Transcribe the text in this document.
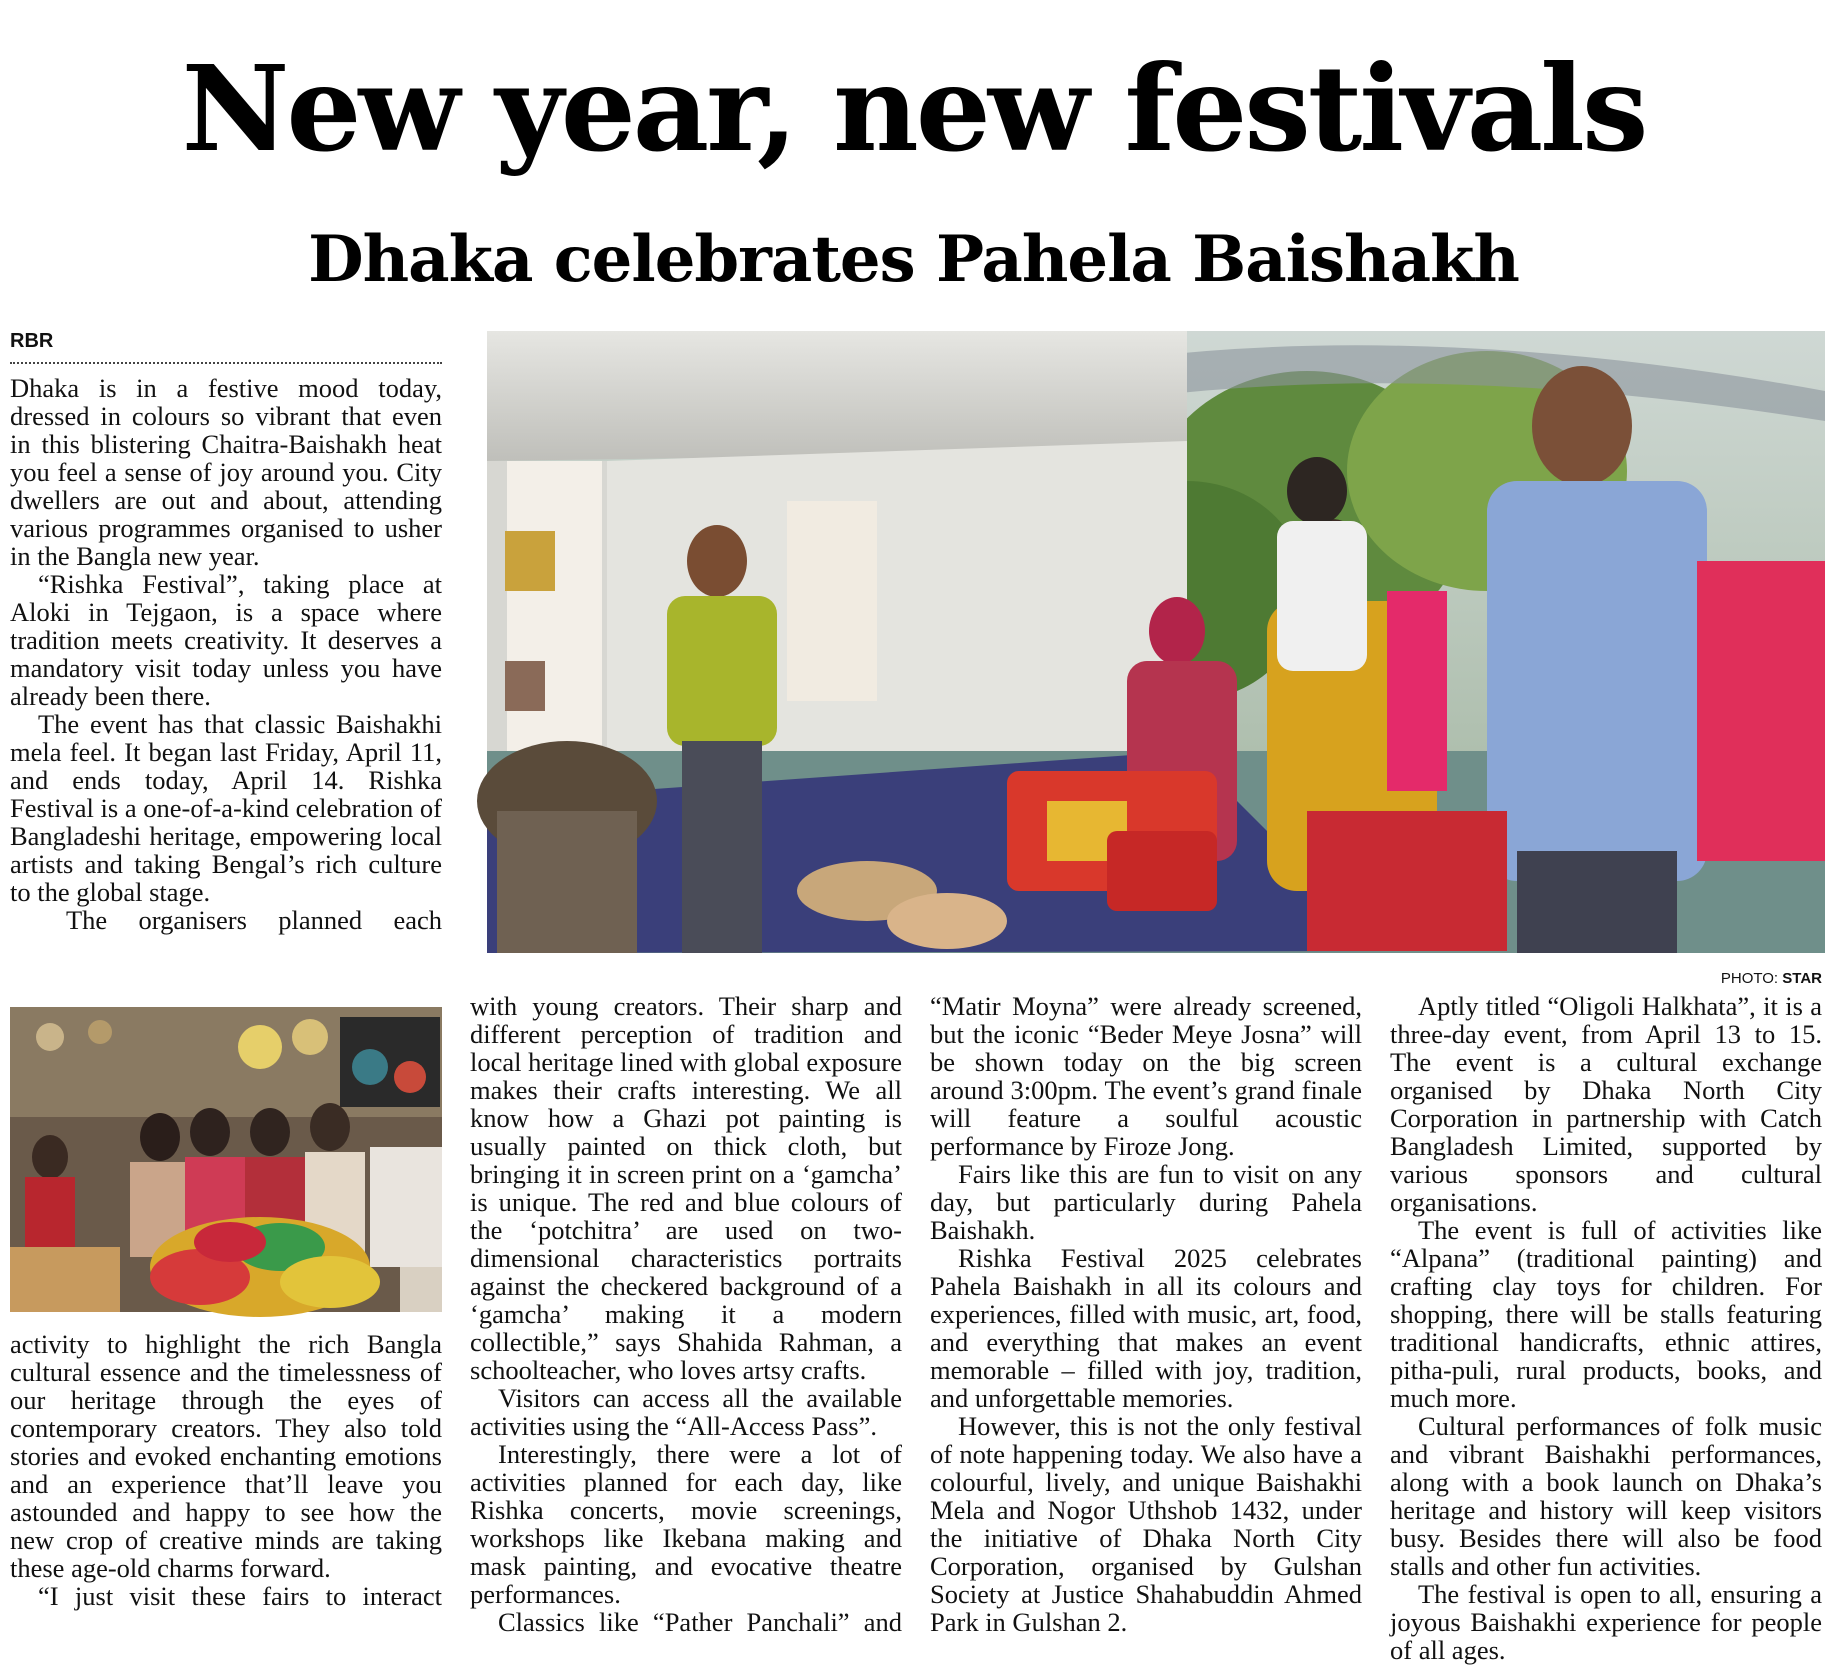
New year, new festivals
Dhaka celebrates Pahela Baishakh
RBR

Dhaka is in a festive mood today, dressed in colours so vibrant that even in this blistering Chaitra-Baishakh heat you feel a sense of joy around you. City dwellers are out and about, attending various programmes organised to usher in the Bangla new year.

“Rishka Festival”, taking place at Aloki in Tejgaon, is a space where tradition meets creativity. It deserves a mandatory visit today unless you have already been there.

The event has that classic Baishakhi mela feel. It began last Friday, April 11, and ends today, April 14. Rishka Festival is a one-of-a-kind celebration of Bangladeshi heritage, empowering local artists and taking Bengal’s rich culture to the global stage.

The organisers planned each

PHOTO: STAR

activity to highlight the rich Bangla cultural essence and the timelessness of our heritage through the eyes of contemporary creators. They also told stories and evoked enchanting emotions and an experience that’ll leave you astounded and happy to see how the new crop of creative minds are taking these age-old charms forward.

“I just visit these fairs to interact

with young creators. Their sharp and different perception of tradition and local heritage lined with global exposure makes their crafts interesting. We all know how a Ghazi pot painting is usually painted on thick cloth, but bringing it in screen print on a ‘gamcha’ is unique. The red and blue colours of the ‘potchitra’ are used on two-dimensional characteristics portraits against the checkered background of a ‘gamcha’ making it a modern collectible,” says Shahida Rahman, a schoolteacher, who loves artsy crafts.

Visitors can access all the available activities using the “All-Access Pass”.

Interestingly, there were a lot of activities planned for each day, like Rishka concerts, movie screenings, workshops like Ikebana making and mask painting, and evocative theatre performances.

Classics like “Pather Panchali” and

“Matir Moyna” were already screened, but the iconic “Beder Meye Josna” will be shown today on the big screen around 3:00pm. The event’s grand finale will feature a soulful acoustic performance by Firoze Jong.

Fairs like this are fun to visit on any day, but particularly during Pahela Baishakh.

Rishka Festival 2025 celebrates Pahela Baishakh in all its colours and experiences, filled with music, art, food, and everything that makes an event memorable – filled with joy, tradition, and unforgettable memories.

However, this is not the only festival of note happening today. We also have a colourful, lively, and unique Baishakhi Mela and Nogor Uthshob 1432, under the initiative of Dhaka North City Corporation, organised by Gulshan Society at Justice Shahabuddin Ahmed Park in Gulshan 2.

Aptly titled “Oligoli Halkhata”, it is a three-day event, from April 13 to 15. The event is a cultural exchange organised by Dhaka North City Corporation in partnership with Catch Bangladesh Limited, supported by various sponsors and cultural organisations.

The event is full of activities like “Alpana” (traditional painting) and crafting clay toys for children. For shopping, there will be stalls featuring traditional handicrafts, ethnic attires, pitha-puli, rural products, books, and much more.

Cultural performances of folk music and vibrant Baishakhi performances, along with a book launch on Dhaka’s heritage and history will keep visitors busy. Besides there will also be food stalls and other fun activities.

The festival is open to all, ensuring a joyous Baishakhi experience for people of all ages.
